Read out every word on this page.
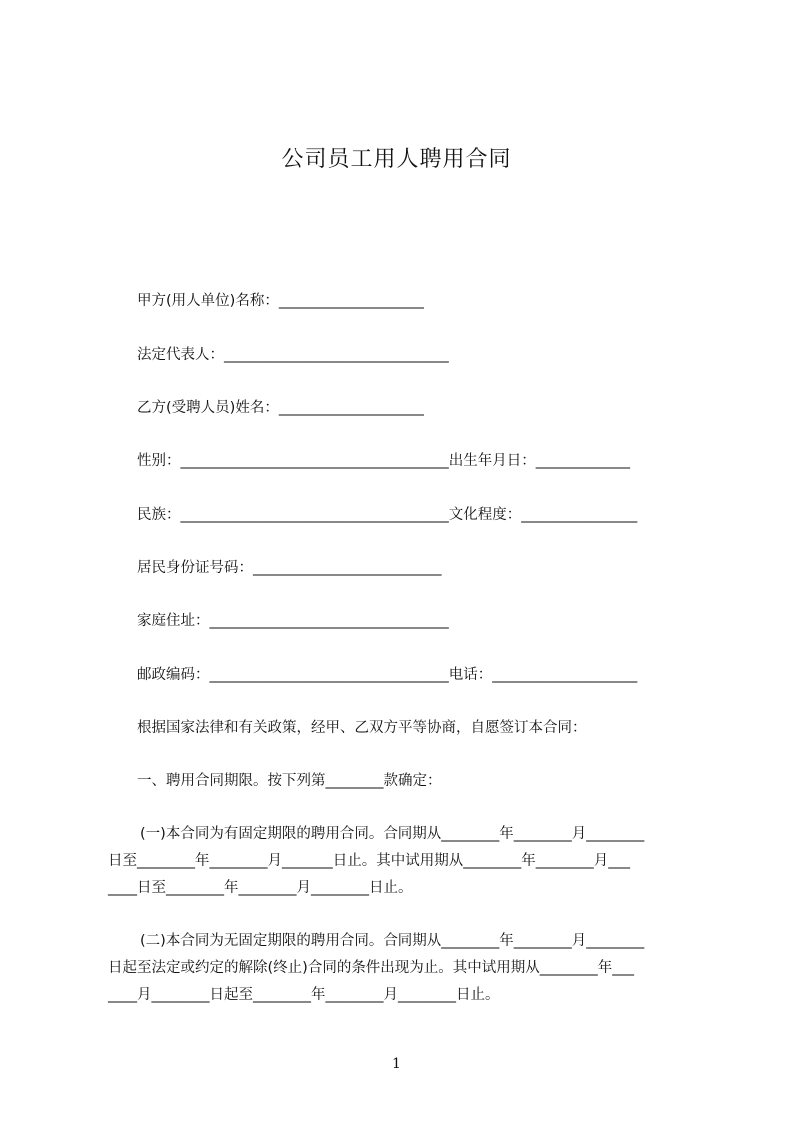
公司员工用人聘用合同
甲方(用人单位)名称：____________________
法定代表人：_______________________________
乙方(受聘人员)姓名：____________________
性别：_____________________________________出生年月日：_____________
民族：_____________________________________文化程度：________________
居民身份证号码：__________________________
家庭住址：_________________________________
邮政编码：_________________________________电话：____________________
根据国家法律和有关政策，经甲、乙双方平等协商，自愿签订本合同：
一、聘用合同期限。按下列第________款确定：
(一)本合同为有固定期限的聘用合同。合同期从________年________月________
日至________年________月_______日止。其中试用期从________年________月___
____日至________年________月________日止。
(二)本合同为无固定期限的聘用合同。合同期从________年________月________
日起至法定或约定的解除(终止)合同的条件出现为止。其中试用期从________年___
____月________日起至________年________月________日止。
1
